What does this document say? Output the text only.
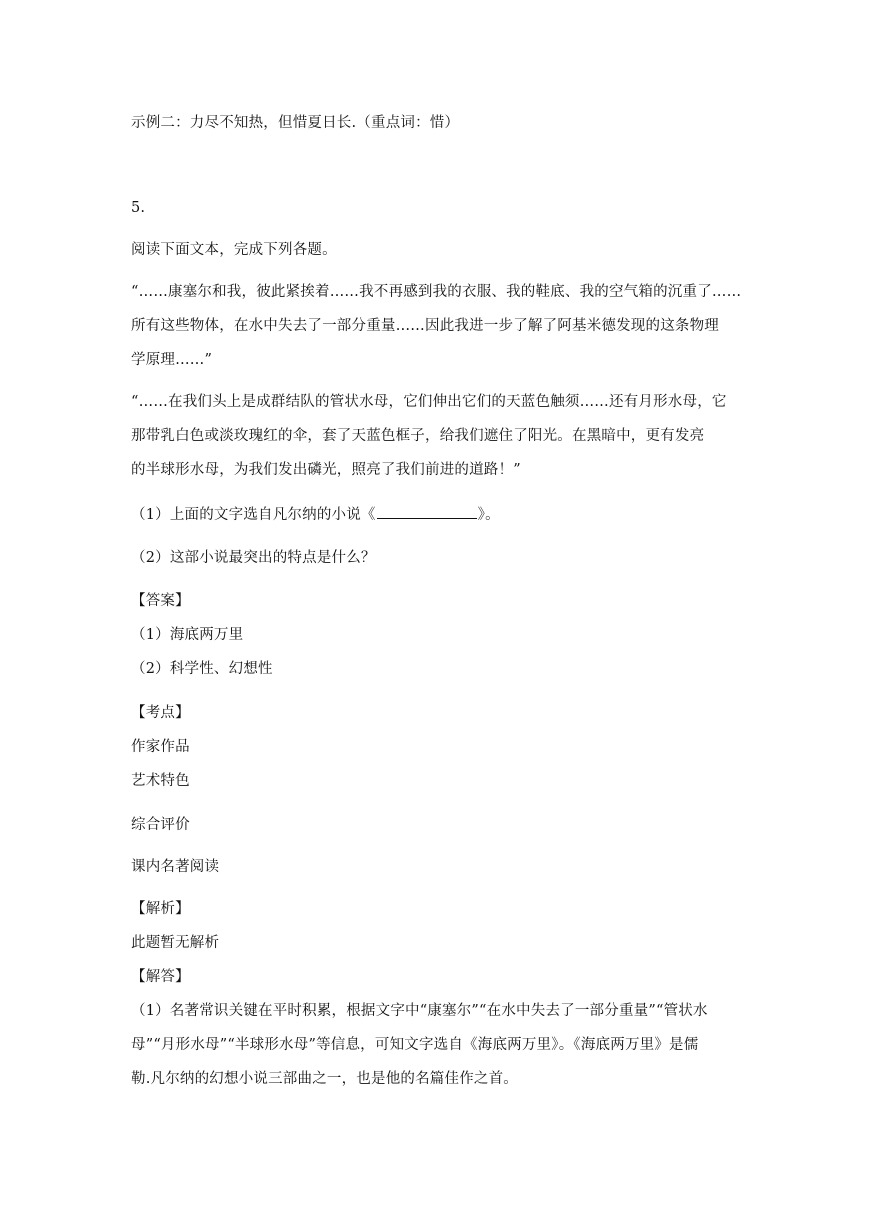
示例二：力尽不知热，但惜夏日长.（重点词：惜）
5.
阅读下面文本，完成下列各题。
“……康塞尔和我，彼此紧挨着……我不再感到我的衣服、我的鞋底、我的空气箱的沉重了……
所有这些物体，在水中失去了一部分重量……因此我进一步了解了阿基米德发现的这条物理
学原理……”
“……在我们头上是成群结队的管状水母，它们伸出它们的天蓝色触须……还有月形水母，它
那带乳白色或淡玫瑰红的伞，套了天蓝色框子，给我们遮住了阳光。在黑暗中，更有发亮
的半球形水母，为我们发出磷光，照亮了我们前进的道路！”
（1）上面的文字选自凡尔纳的小说《	》。
（2）这部小说最突出的特点是什么？
【答案】
（1）海底两万里
（2）科学性、幻想性
【考点】
作家作品
艺术特色
综合评价
课内名著阅读
【解析】
此题暂无解析
【解答】
（1）名著常识关键在平时积累，根据文字中“康塞尔”“在水中失去了一部分重量”“管状水
母”“月形水母”“半球形水母”等信息，可知文字选自《海底两万里》。《海底两万里》是儒
勒.凡尔纳的幻想小说三部曲之一，也是他的名篇佳作之首。
